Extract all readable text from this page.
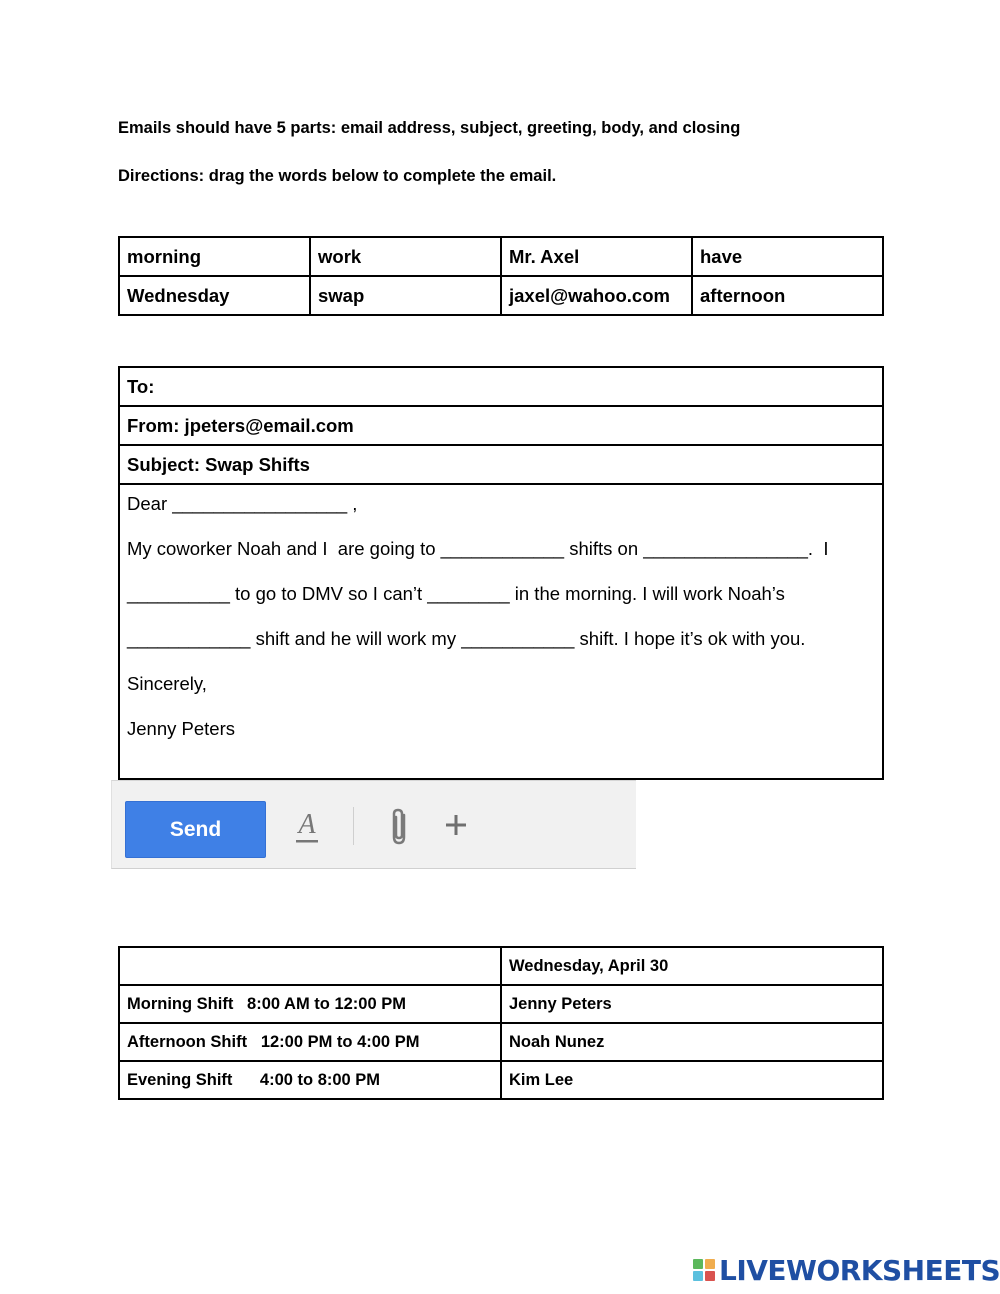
Emails should have 5 parts: email address, subject, greeting, body, and closing
Directions: drag the words below to complete the email.
morning	work	Mr. Axel	have
Wednesday	swap	jaxel@wahoo.com	afternoon
To:
From: jpeters@email.com
Subject: Swap Shifts

Dear _________________ ,
My coworker Noah and I  are going to ____________ shifts on ________________.  I
__________ to go to DMV so I can’t ________ in the morning. I will work Noah’s
____________ shift and he will work my ___________ shift. I hope it’s ok with you.
Sincerely,
Jenny Peters
Send	A
	Wednesday, April 30
Morning Shift   8:00 AM to 12:00 PM	Jenny Peters
Afternoon Shift   12:00 PM to 4:00 PM	Noah Nunez
Evening Shift      4:00 to 8:00 PM	Kim Lee
LIVEWORKSHEETS
